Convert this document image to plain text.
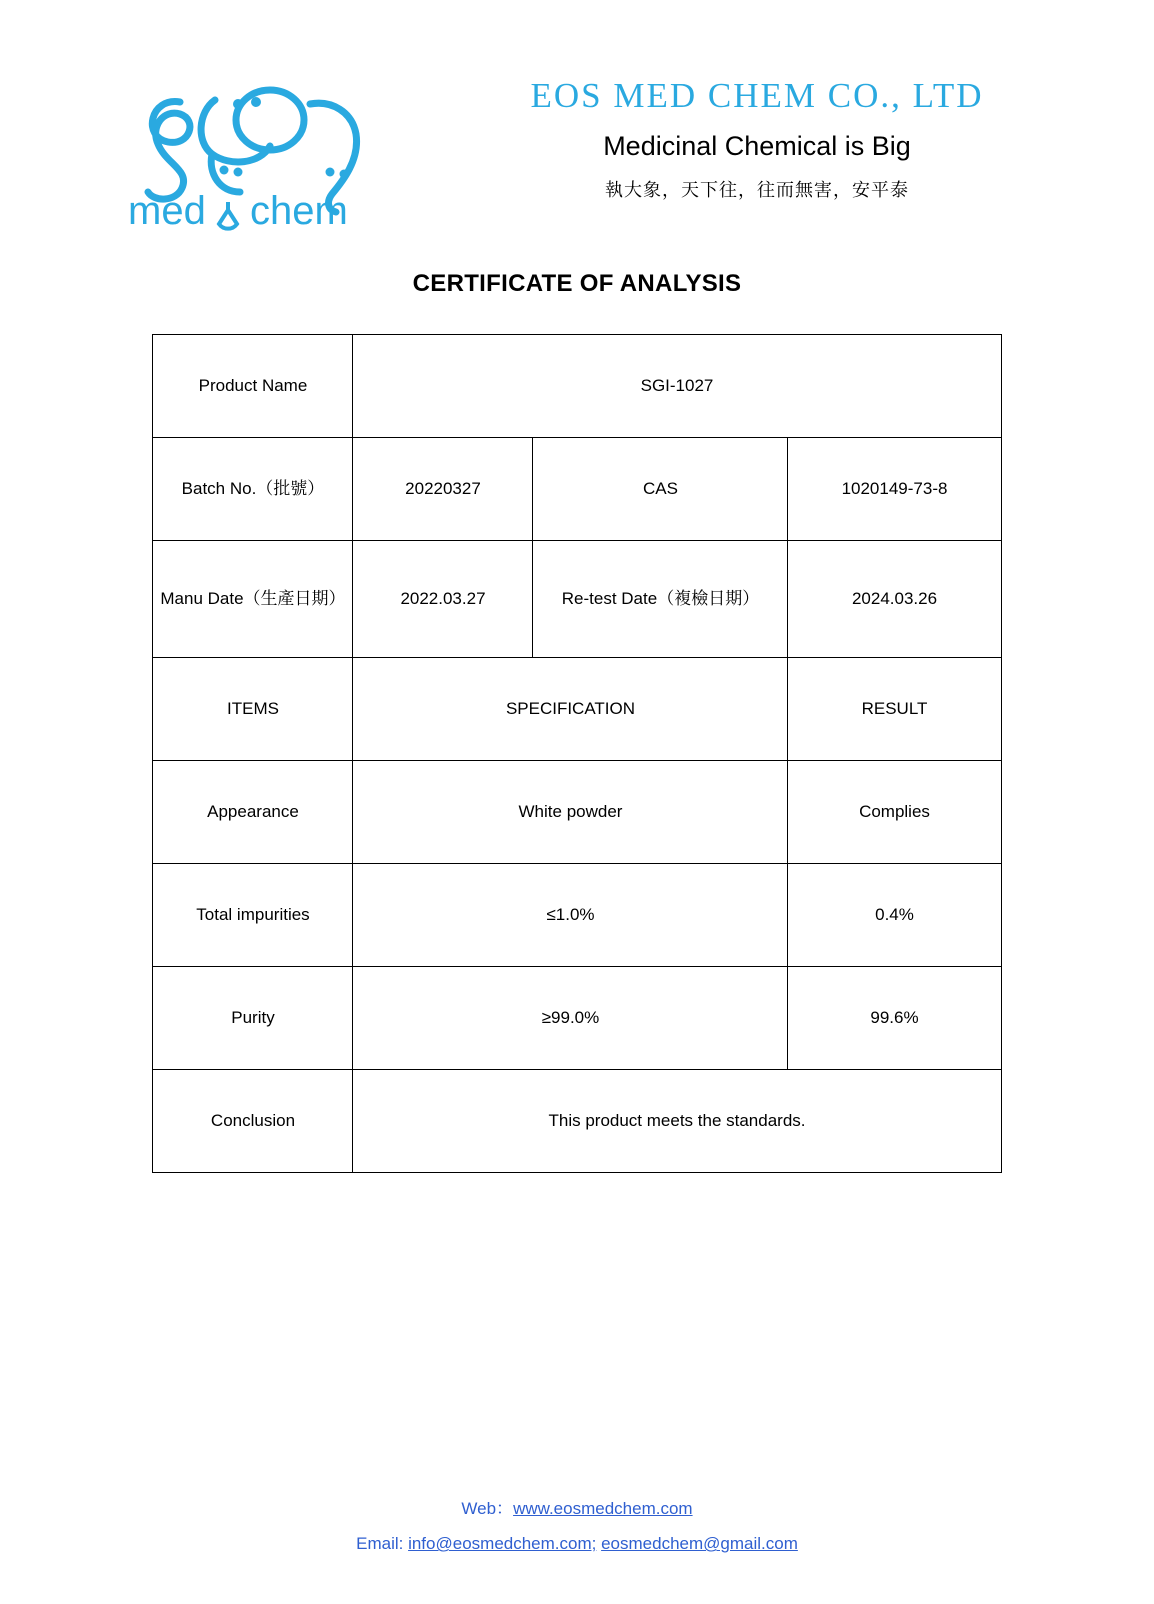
med chem
EOS MED CHEM CO., LTD
Medicinal Chemical is Big
執大象，天下往，往而無害，安平泰
CERTIFICATE OF ANALYSIS
Product Name	SGI-1027		
Batch No.（批號）	20220327	CAS	1020149-73-8
Manu Date（生產日期）	2022.03.27	Re-test Date（複檢日期）	2024.03.26
ITEMS	SPECIFICATION		RESULT
Appearance	White powder		Complies
Total impurities	≤1.0%		0.4%
Purity	≥99.0%		99.6%
Conclusion	This product meets the standards.		
Web：www.eosmedchem.com
Email: info@eosmedchem.com; eosmedchem@gmail.com
